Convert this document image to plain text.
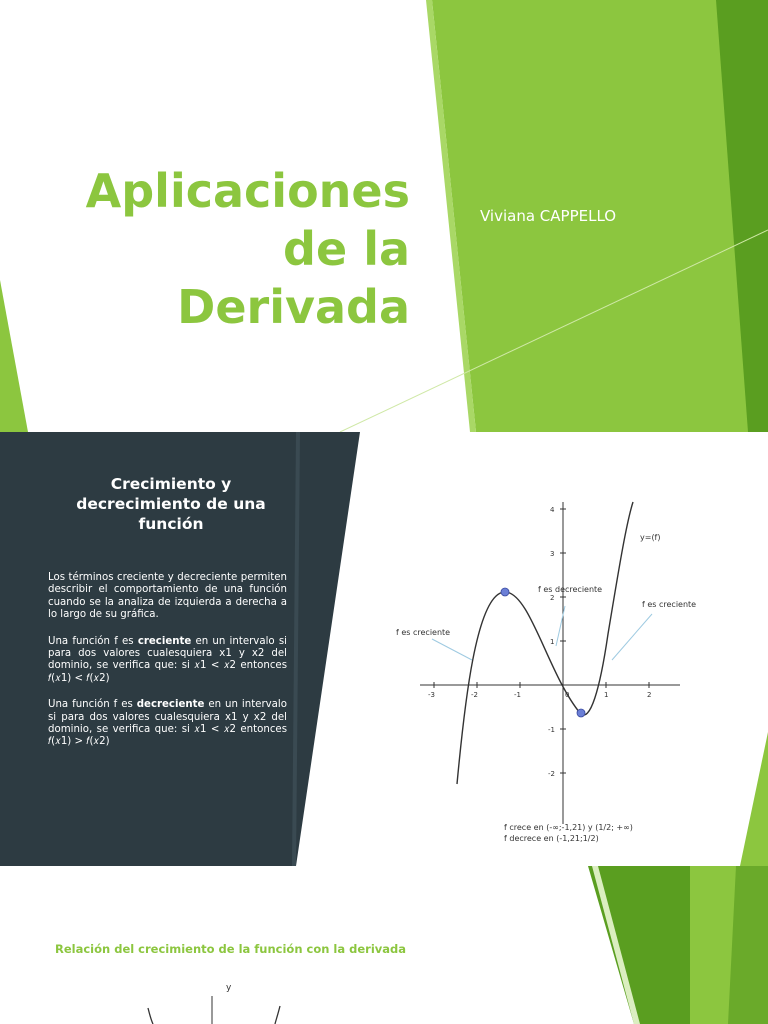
Aplicaciones
de la
Derivada
Viviana CAPPELLO
Crecimiento y
decrecimiento de una
función

Los términos creciente y decreciente permiten describir el comportamiento de una función cuando se la analiza de izquierda a derecha a lo largo de su gráfica.

Una función f es creciente en un intervalo si para dos valores cualesquiera x1 y x2 del dominio, se verifica que: si 𝑥1 < 𝑥2 entonces 𝑓(𝑥1) < 𝑓(𝑥2)

Una función f es decreciente en un intervalo si para dos valores cualesquiera x1 y x2 del dominio, se verifica que: si 𝑥1 < 𝑥2 entonces 𝑓(𝑥1) > 𝑓(𝑥2)

-3	-2	-1	0	1	2
4
3
2
1
-1
-2
y=(f)
f es creciente
f es decreciente
f es creciente
f crece en (-∞;-1,21) y (1/2; +∞)
f decrece en (-1,21;1/2)
Relación del crecimiento de la función con la derivada
y
